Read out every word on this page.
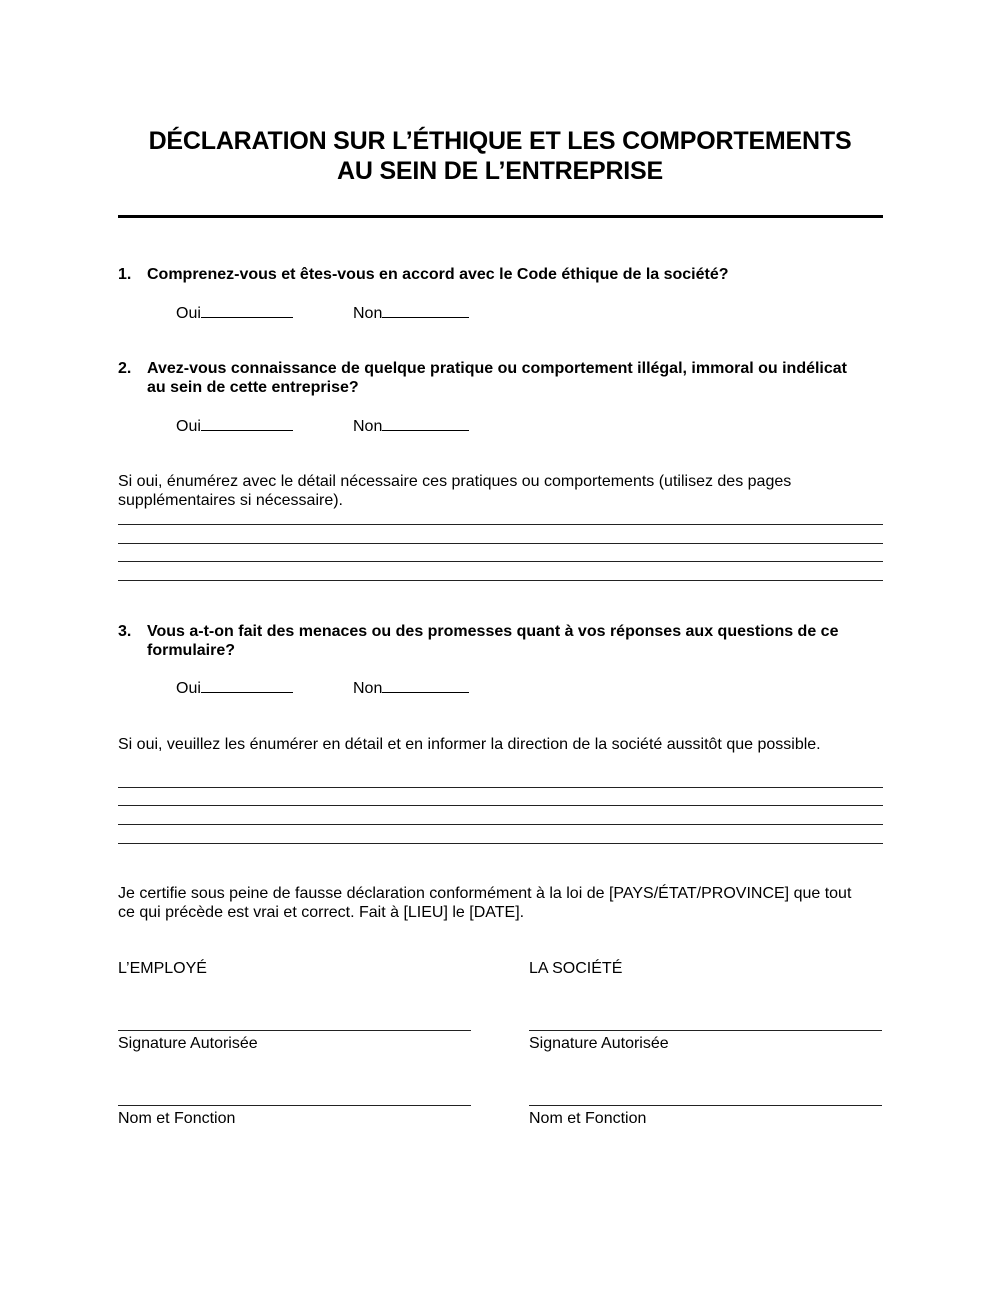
DÉCLARATION SUR L’ÉTHIQUE ET LES COMPORTEMENTS
AU SEIN DE L’ENTREPRISE
1. Comprenez-vous et êtes-vous en accord avec le Code éthique de la société?
Oui	Non
2. Avez-vous connaissance de quelque pratique ou comportement illégal, immoral ou indélicat
au sein de cette entreprise?
Oui	Non
Si oui, énumérez avec le détail nécessaire ces pratiques ou comportements (utilisez des pages
supplémentaires si nécessaire).
3. Vous a-t-on fait des menaces ou des promesses quant à vos réponses aux questions de ce
formulaire?
Oui	Non
Si oui, veuillez les énumérer en détail et en informer la direction de la société aussitôt que possible.
Je certifie sous peine de fausse déclaration conformément à la loi de [PAYS/ÉTAT/PROVINCE] que tout
ce qui précède est vrai et correct. Fait à [LIEU] le [DATE].
L’EMPLOYÉ	LA SOCIÉTÉ
Signature Autorisée	Signature Autorisée
Nom et Fonction	Nom et Fonction
